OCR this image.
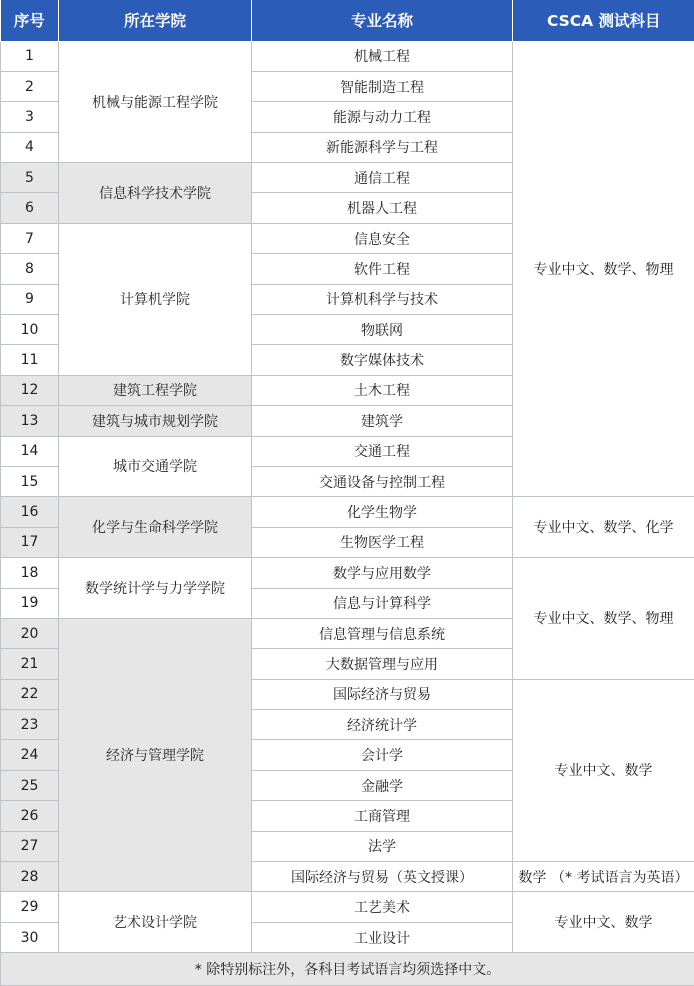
序号	所在学院	专业名称	CSCA 测试科目
1	机械与能源工程学院	机械工程	专业中文、数学、物理
2		智能制造工程	
3		能源与动力工程	
4		新能源科学与工程	
5	信息科学技术学院	通信工程	
6		机器人工程	
7	计算机学院	信息安全	
8		软件工程	
9		计算机科学与技术	
10		物联网	
11		数字媒体技术	
12	建筑工程学院	土木工程	
13	建筑与城市规划学院	建筑学	
14	城市交通学院	交通工程	
15		交通设备与控制工程	
16	化学与生命科学学院	化学生物学	专业中文、数学、化学
17		生物医学工程	
18	数学统计学与力学学院	数学与应用数学	专业中文、数学、物理
19		信息与计算科学	
20	经济与管理学院	信息管理与信息系统	
21		大数据管理与应用	
22		国际经济与贸易	专业中文、数学
23		经济统计学	
24		会计学	
25		金融学	
26		工商管理	
27		法学	
28		国际经济与贸易（英文授课）	数学 （* 考试语言为英语）
29	艺术设计学院	工艺美术	专业中文、数学
30		工业设计	
* 除特别标注外，各科目考试语言均须选择中文。			
